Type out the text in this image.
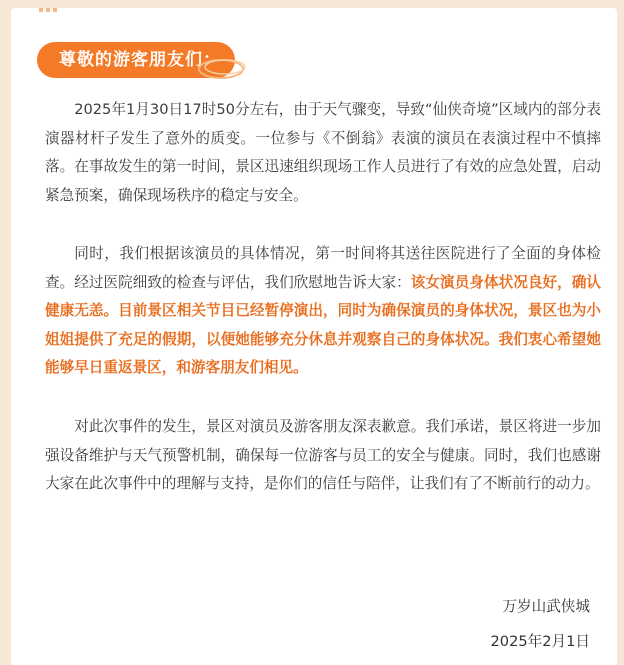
尊敬的游客朋友们：

2025年1月30日17时50分左右，由于天气骤变，导致“仙侠奇境”区域内的部分表演器材杆子发生了意外的质变。一位参与《不倒翁》表演的演员在表演过程中不慎摔落。在事故发生的第一时间，景区迅速组织现场工作人员进行了有效的应急处置，启动紧急预案，确保现场秩序的稳定与安全。

同时，我们根据该演员的具体情况，第一时间将其送往医院进行了全面的身体检查。经过医院细致的检查与评估，我们欣慰地告诉大家：该女演员身体状况良好，确认健康无恙。目前景区相关节目已经暂停演出，同时为确保演员的身体状况，景区也为小姐姐提供了充足的假期，以便她能够充分休息并观察自己的身体状况。我们衷心希望她能够早日重返景区，和游客朋友们相见。

对此次事件的发生，景区对演员及游客朋友深表歉意。我们承诺，景区将进一步加强设备维护与天气预警机制，确保每一位游客与员工的安全与健康。同时，我们也感谢大家在此次事件中的理解与支持，是你们的信任与陪伴，让我们有了不断前行的动力。

万岁山武侠城
2025年2月1日
